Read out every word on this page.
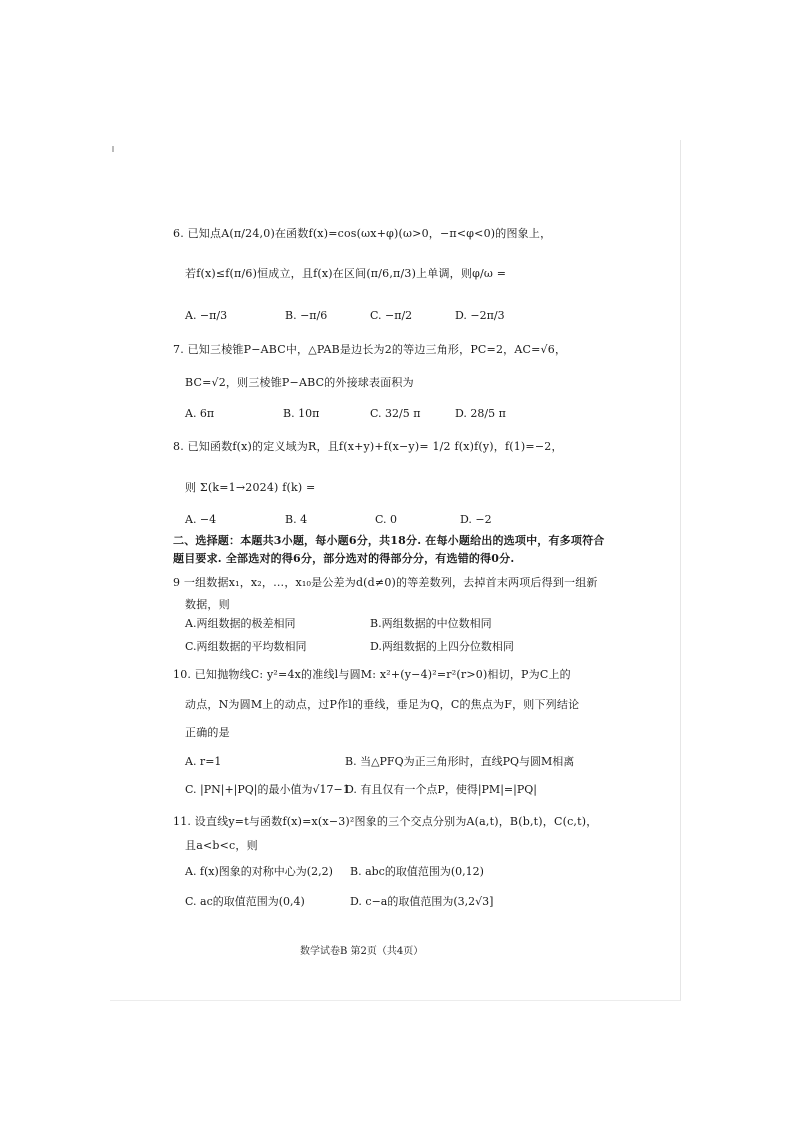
6. 已知点A(π/24,0)在函数f(x)=cos(ωx+φ)(ω>0，−π<φ<0)的图象上，
若f(x)≤f(π/6)恒成立，且f(x)在区间(π/6,π/3)上单调，则φ/ω =
A. −π/3	B. −π/6	C. −π/2	D. −2π/3
7. 已知三棱锥P−ABC中，△PAB是边长为2的等边三角形，PC=2，AC=√6，
BC=√2，则三棱锥P−ABC的外接球表面积为
A. 6π	B. 10π	C. 32/5 π	D. 28/5 π
8. 已知函数f(x)的定义域为R，且f(x+y)+f(x−y)= 1/2 f(x)f(y)，f(1)=−2，
则 Σ(k=1→2024) f(k) =
A. −4	B. 4	C. 0	D. −2
二、选择题：本题共3小题，每小题6分，共18分. 在每小题给出的选项中，有多项符合
题目要求. 全部选对的得6分，部分选对的得部分分，有选错的得0分.
9 一组数据x₁，x₂，…，x₁₀是公差为d(d≠0)的等差数列，去掉首末两项后得到一组新
数据，则
A.两组数据的极差相同	B.两组数据的中位数相同
C.两组数据的平均数相同	D.两组数据的上四分位数相同
10. 已知抛物线C: y²=4x的准线l与圆M: x²+(y−4)²=r²(r>0)相切，P为C上的
动点，N为圆M上的动点，过P作l的垂线，垂足为Q，C的焦点为F，则下列结论
正确的是
A. r=1	B. 当△PFQ为正三角形时，直线PQ与圆M相离
C. |PN|+|PQ|的最小值为√17−1
D. 有且仅有一个点P，使得|PM|=|PQ|
11. 设直线y=t与函数f(x)=x(x−3)²图象的三个交点分别为A(a,t)，B(b,t)，C(c,t)，
且a<b<c，则
A. f(x)图象的对称中心为(2,2) B. abc的取值范围为(0,12)
C. ac的取值范围为(0,4)	D. c−a的取值范围为(3,2√3]
数学试卷B 第2页（共4页）
